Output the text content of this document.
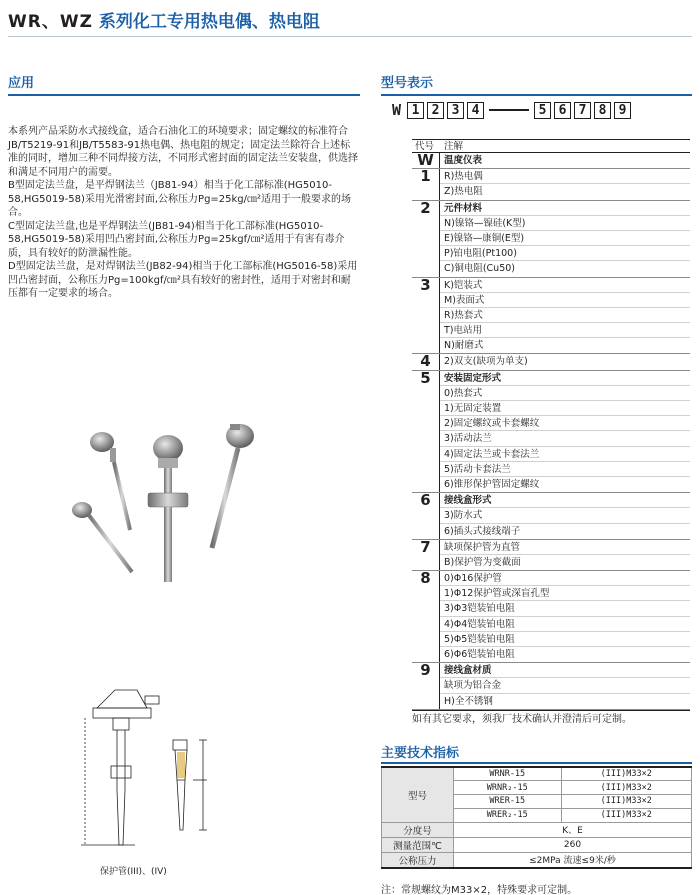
WR、WZ 系列化工专用热电偶、热电阻
应用

本系列产品采防水式接线盒，适合石油化工的环境要求；固定螺纹的标准符合JB/T5219-91和JB/T5583-91热电偶、热电阻的规定；固定法兰除符合上述标准的同时，增加三种不同焊接方法，不同形式密封面的固定法兰安装盘，供选择和满足不同用户的需要。

B型固定法兰盘，是平焊钢法兰（JB81-94）相当于化工部标准(HG5010-58,HG5019-58)采用光滑密封面,公称压力Pg=25kg/㎝²适用于一般要求的场合。

C型固定法兰盘,也是平焊钢法兰(JB81-94)相当于化工部标准(HG5010-58,HG5019-58)采用凹凸密封面,公称压力Pg=25kgf/㎝²适用于有害有毒介质，具有较好的防泄漏性能。

D型固定法兰盘，是对焊钢法兰(JB82-94)相当于化工部标准(HG5016-58)采用凹凸密封面，公称压力Pg=100kgf/㎝²具有较好的密封性，适用于对密封和耐压都有一定要求的场合。

保护管(III)、(IV)
型号表示
W 1 2 3 4	5 6 7 8 9
代号	注解
W	温度仪表
1	R)热电偶
Z)热电阻
2	元件材料
N)镍铬—镍硅(K型)
E)镍铬—康铜(E型)
P)铂电阻(Pt100)
C)铜电阻(Cu50)
3	K)铠装式
M)表面式
R)热套式
T)电站用
N)耐磨式
4	2)双支(缺项为单支)
5	安装固定形式
0)热套式
1)无固定装置
2)固定螺纹或卡套螺纹
3)活动法兰
4)固定法兰或卡套法兰
5)活动卡套法兰
6)锥形保护管固定螺纹
6	接线盒形式
3)防水式
6)插头式接线端子
7	缺项保护管为直管
B)保护管为变截面
8	0)Φ16保护管
1)Φ12保护管或深盲孔型
3)Φ3铠装铂电阻
4)Φ4铠装铂电阻
5)Φ5铠装铂电阻
6)Φ6铠装铂电阻
9	接线盒材质
缺项为铝合金
H)全不锈钢
如有其它要求，须我厂技术确认并澄清后可定制。
主要技术指标
型号	WRNR-15	(III)M33×2
	WRNR₂-15	(III)M33×2
	WRER-15	(III)M33×2
	WRER₂-15	(III)M33×2
分度号	K、E	
测量范围℃	260	
公称压力	≤2MPa 流速≤9米/秒	
注：常规螺纹为M33×2，特殊要求可定制。
